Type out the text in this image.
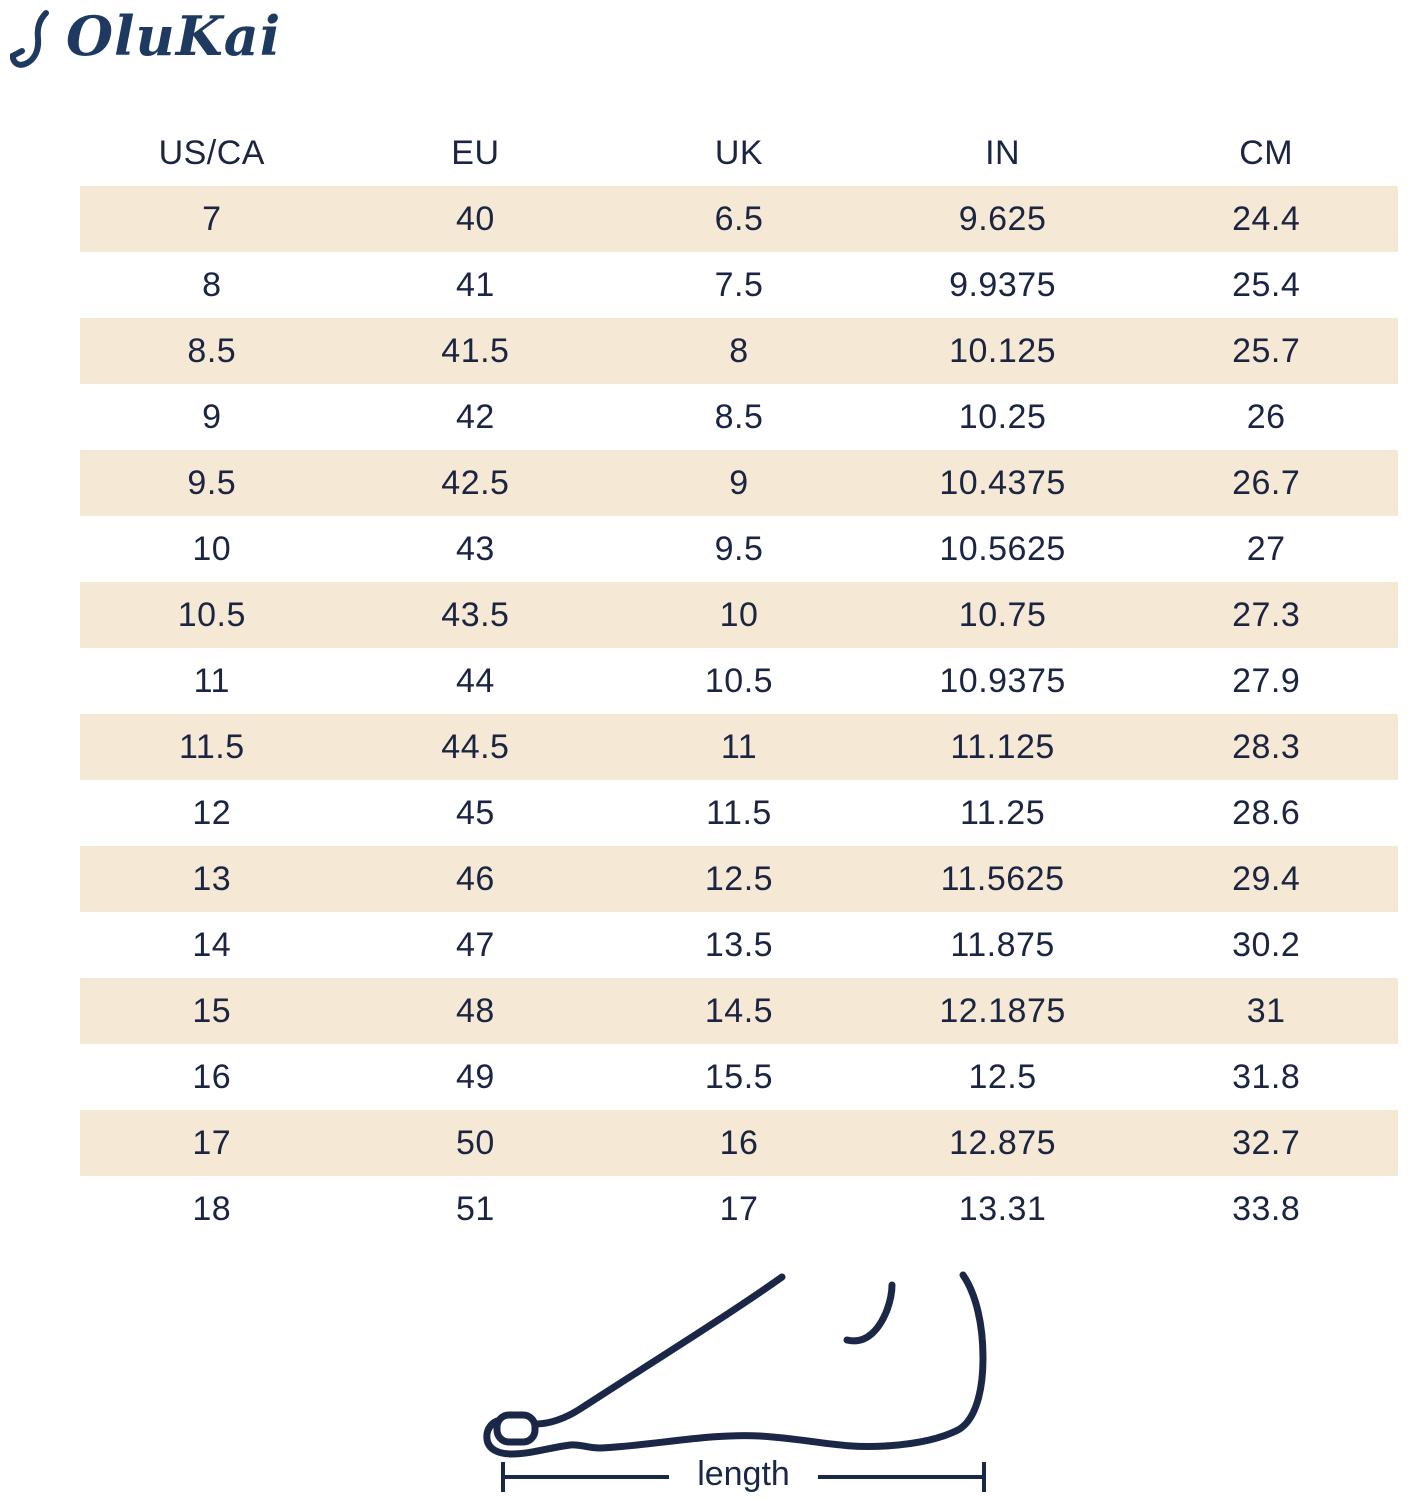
OluKai
US/CA	EU	UK	IN	CM
7	40	6.5	9.625	24.4
8	41	7.5	9.9375	25.4
8.5	41.5	8	10.125	25.7
9	42	8.5	10.25	26
9.5	42.5	9	10.4375	26.7
10	43	9.5	10.5625	27
10.5	43.5	10	10.75	27.3
11	44	10.5	10.9375	27.9
11.5	44.5	11	11.125	28.3
12	45	11.5	11.25	28.6
13	46	12.5	11.5625	29.4
14	47	13.5	11.875	30.2
15	48	14.5	12.1875	31
16	49	15.5	12.5	31.8
17	50	16	12.875	32.7
18	51	17	13.31	33.8
length
